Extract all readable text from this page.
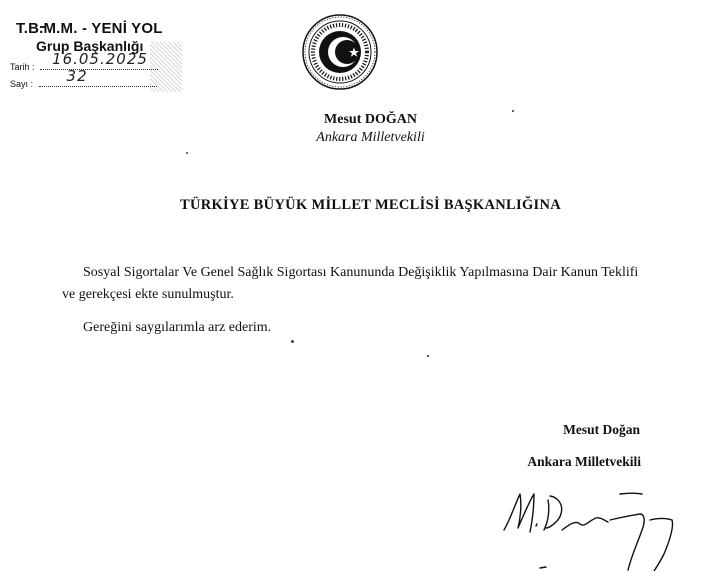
T.B.M.M. - YENİ YOL
Grup Başkanlığı
Tarih : 16.05.2025
Sayı : 32
Mesut DOĞAN
Ankara Milletvekili
TÜRKİYE BÜYÜK MİLLET MECLİSİ BAŞKANLIĞINA
Sosyal Sigortalar Ve Genel Sağlık Sigortası Kanununda Değişiklik Yapılmasına Dair Kanun Teklifi ve gerekçesi ekte sunulmuştur.
Gereğini saygılarımla arz ederim.
Mesut Doğan
Ankara Milletvekili
